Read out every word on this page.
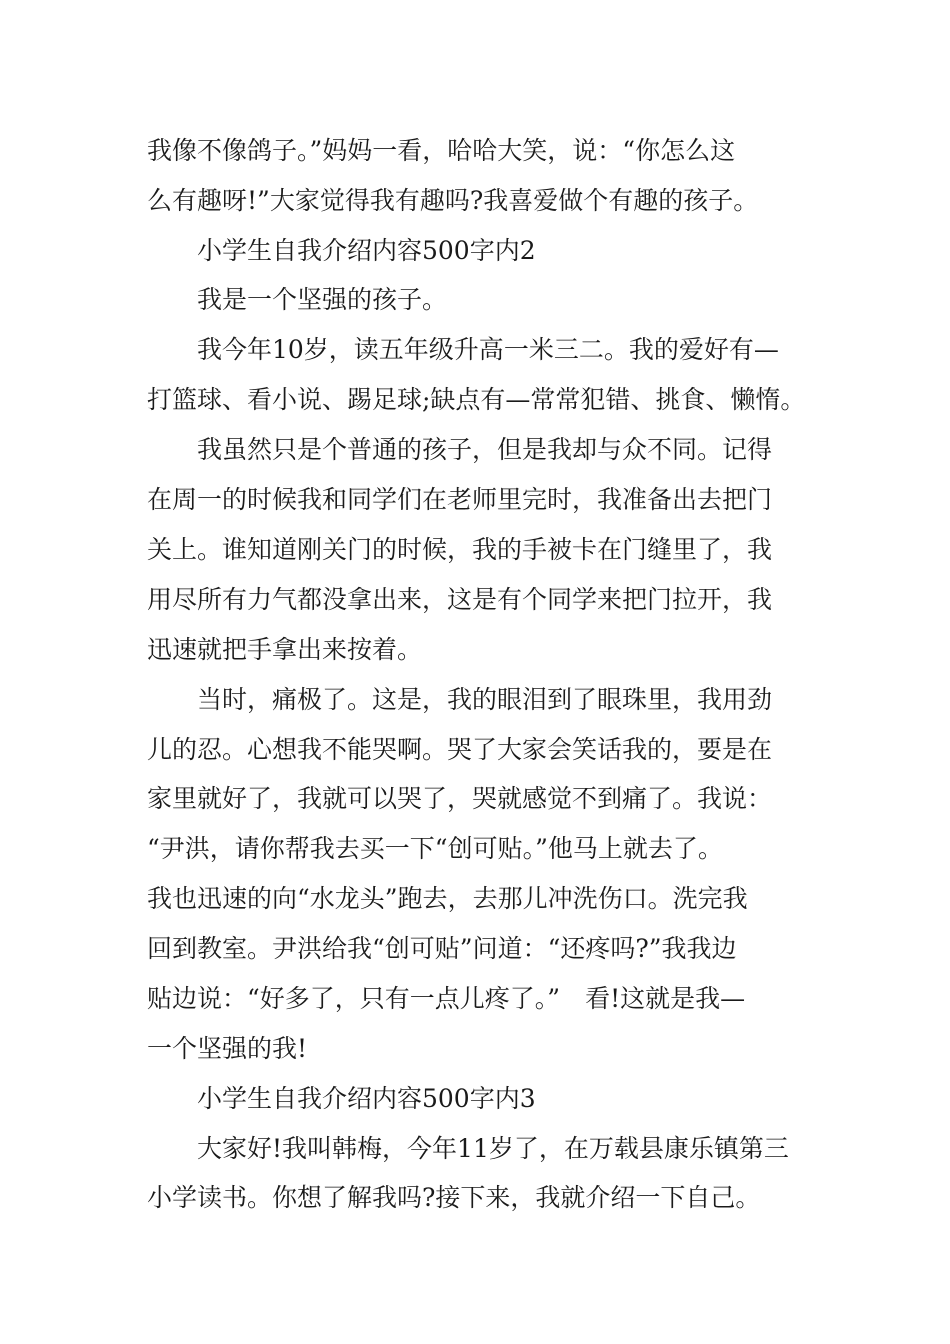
我像不像鸽子。”妈妈一看，哈哈大笑，说：“你怎么这
么有趣呀!”大家觉得我有趣吗?我喜爱做个有趣的孩子。
小学生自我介绍内容500字内2
我是一个坚强的孩子。
我今年10岁，读五年级升高一米三二。我的爱好有—
打篮球、看小说、踢足球;缺点有—常常犯错、挑食、懒惰。
我虽然只是个普通的孩子，但是我却与众不同。记得
在周一的时候我和同学们在老师里完时，我准备出去把门
关上。谁知道刚关门的时候，我的手被卡在门缝里了，我
用尽所有力气都没拿出来，这是有个同学来把门拉开，我
迅速就把手拿出来按着。
当时，痛极了。这是，我的眼泪到了眼珠里，我用劲
儿的忍。心想我不能哭啊。哭了大家会笑话我的，要是在
家里就好了，我就可以哭了，哭就感觉不到痛了。我说：
“尹洪，请你帮我去买一下“创可贴。”他马上就去了。
我也迅速的向“水龙头”跑去，去那儿冲洗伤口。洗完我
回到教室。尹洪给我“创可贴”问道：“还疼吗?”我我边
贴边说：“好多了，只有一点儿疼了。”　看!这就是我—
一个坚强的我!
小学生自我介绍内容500字内3
大家好!我叫韩梅，今年11岁了，在万载县康乐镇第三
小学读书。你想了解我吗?接下来，我就介绍一下自己。
